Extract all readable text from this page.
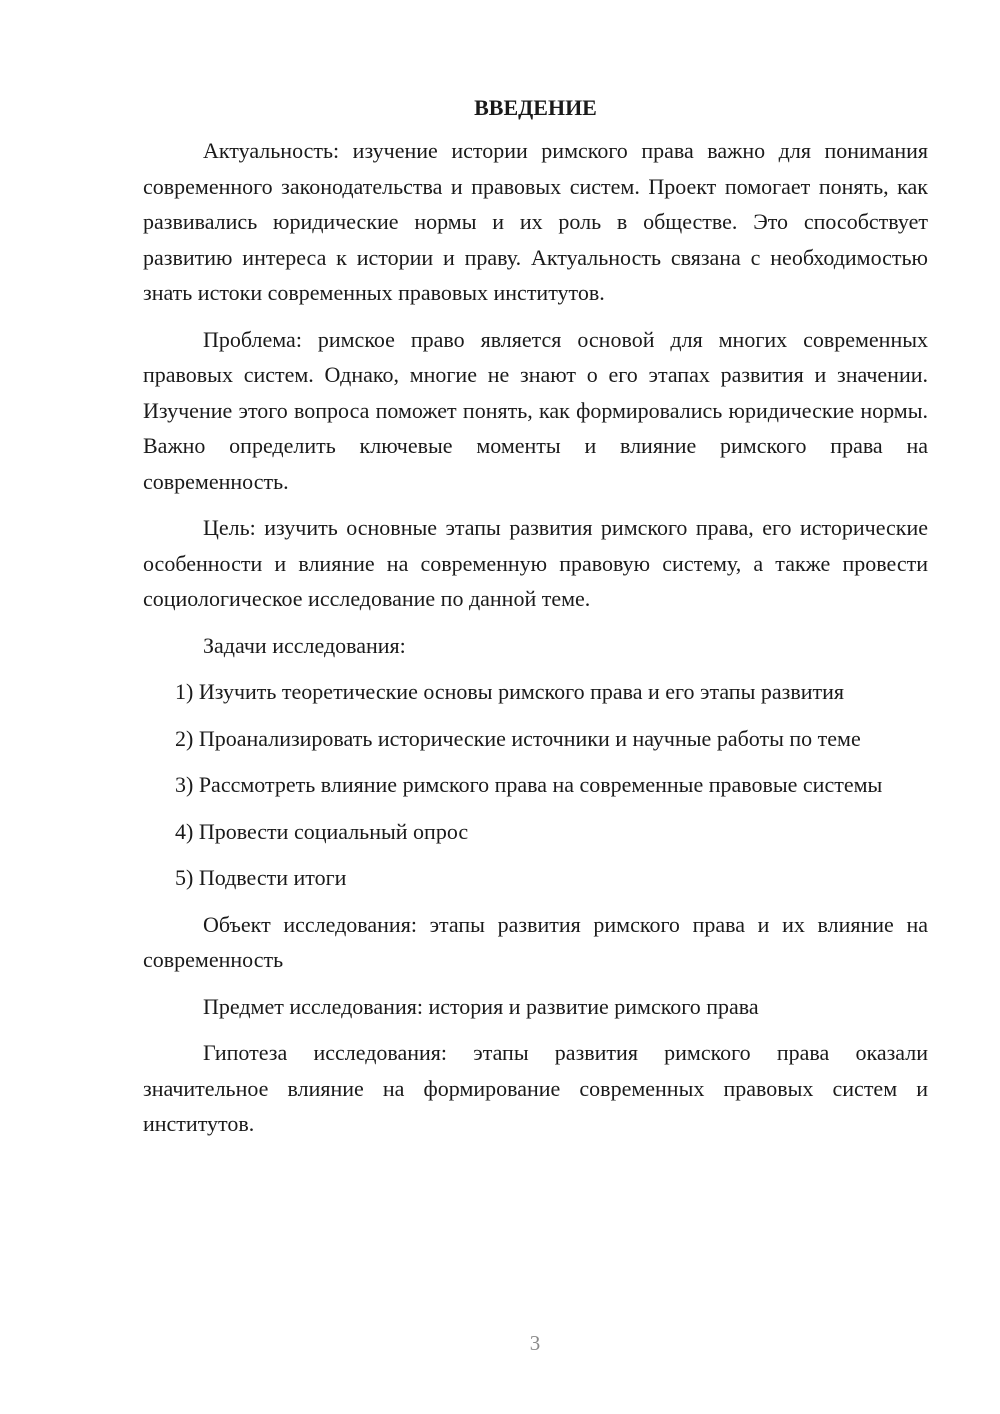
ВВЕДЕНИЕ

Актуальность: изучение истории римского права важно для понимания современного законодательства и правовых систем. Проект помогает понять, как развивались юридические нормы и их роль в обществе. Это способствует развитию интереса к истории и праву. Актуальность связана с необходимостью знать истоки современных правовых институтов.

Проблема: римское право является основой для многих современных правовых систем. Однако, многие не знают о его этапах развития и значении. Изучение этого вопроса поможет понять, как формировались юридические нормы. Важно определить ключевые моменты и влияние римского права на современность.

Цель: изучить основные этапы развития римского права, его исторические особенности и влияние на современную правовую систему, а также провести социологическое исследование по данной теме.

Задачи исследования:

1) Изучить теоретические основы римского права и его этапы развития

2) Проанализировать исторические источники и научные работы по теме

3) Рассмотреть влияние римского права на современные правовые системы

4) Провести социальный опрос

5) Подвести итоги

Объект исследования: этапы развития римского права и их влияние на современность

Предмет исследования: история и развитие римского права

Гипотеза исследования: этапы развития римского права оказали значительное влияние на формирование современных правовых систем и институтов.

3
